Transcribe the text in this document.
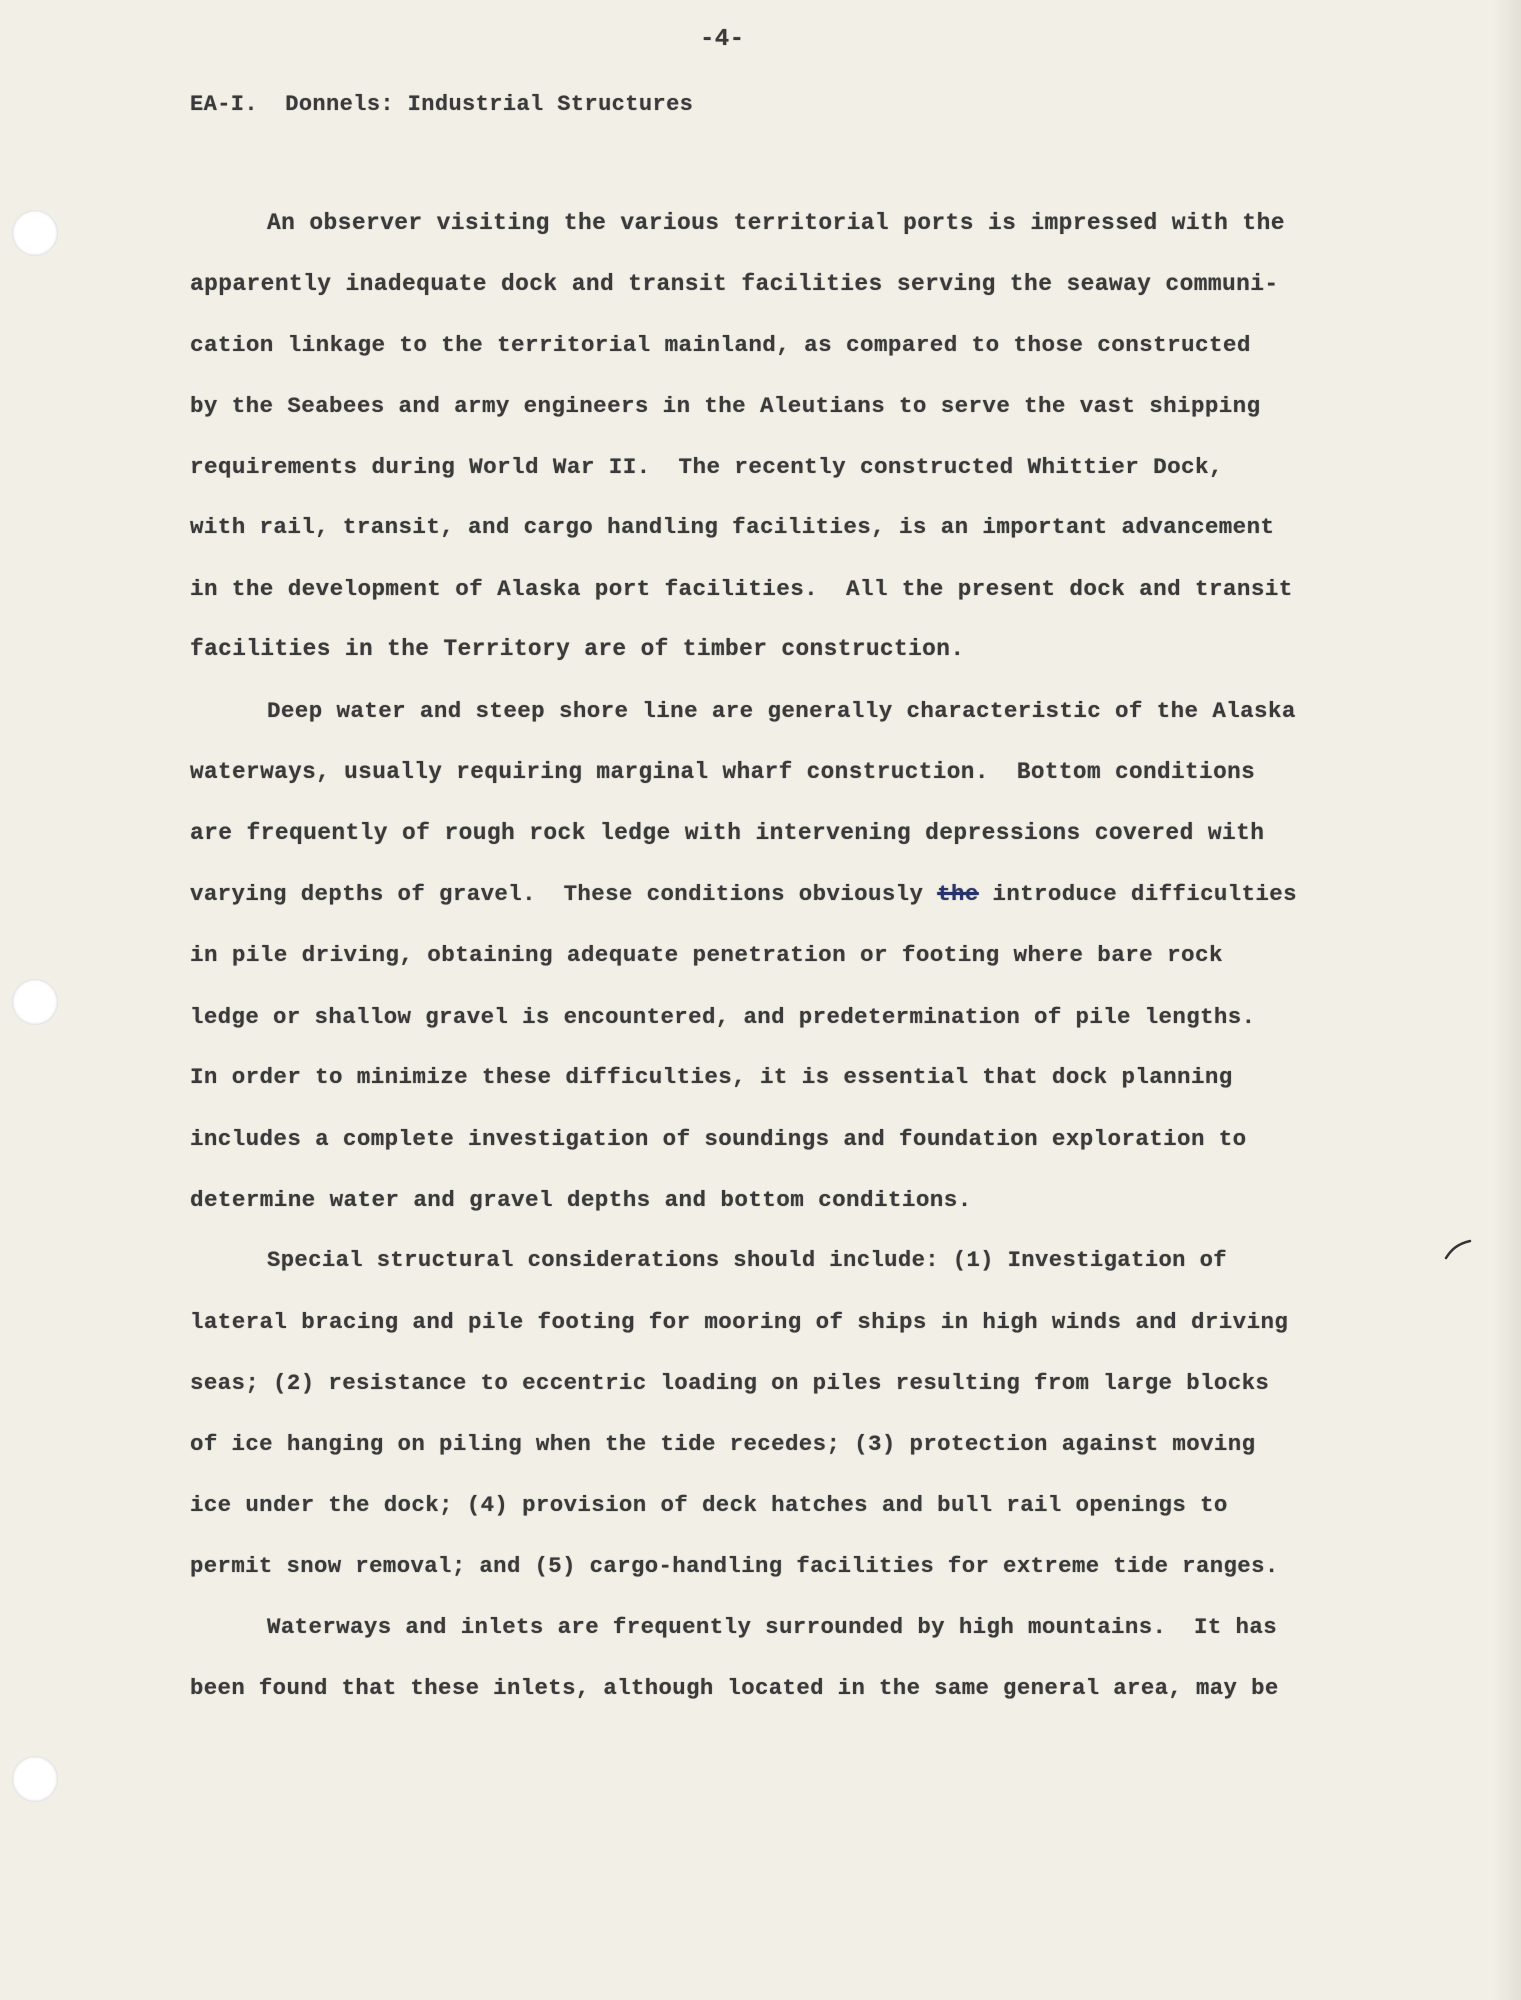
-4-
EA-I.  Donnels: Industrial Structures
An observer visiting the various territorial ports is impressed with the
apparently inadequate dock and transit facilities serving the seaway communi-
cation linkage to the territorial mainland, as compared to those constructed
by the Seabees and army engineers in the Aleutians to serve the vast shipping
requirements during World War II.  The recently constructed Whittier Dock,
with rail, transit, and cargo handling facilities, is an important advancement
in the development of Alaska port facilities.  All the present dock and transit
facilities in the Territory are of timber construction.
Deep water and steep shore line are generally characteristic of the Alaska
waterways, usually requiring marginal wharf construction.  Bottom conditions
are frequently of rough rock ledge with intervening depressions covered with
varying depths of gravel.  These conditions obviously the introduce difficulties
in pile driving, obtaining adequate penetration or footing where bare rock
ledge or shallow gravel is encountered, and predetermination of pile lengths.
In order to minimize these difficulties, it is essential that dock planning
includes a complete investigation of soundings and foundation exploration to
determine water and gravel depths and bottom conditions.
Special structural considerations should include: (1) Investigation of
lateral bracing and pile footing for mooring of ships in high winds and driving
seas; (2) resistance to eccentric loading on piles resulting from large blocks
of ice hanging on piling when the tide recedes; (3) protection against moving
ice under the dock; (4) provision of deck hatches and bull rail openings to
permit snow removal; and (5) cargo-handling facilities for extreme tide ranges.
Waterways and inlets are frequently surrounded by high mountains.  It has
been found that these inlets, although located in the same general area, may be
